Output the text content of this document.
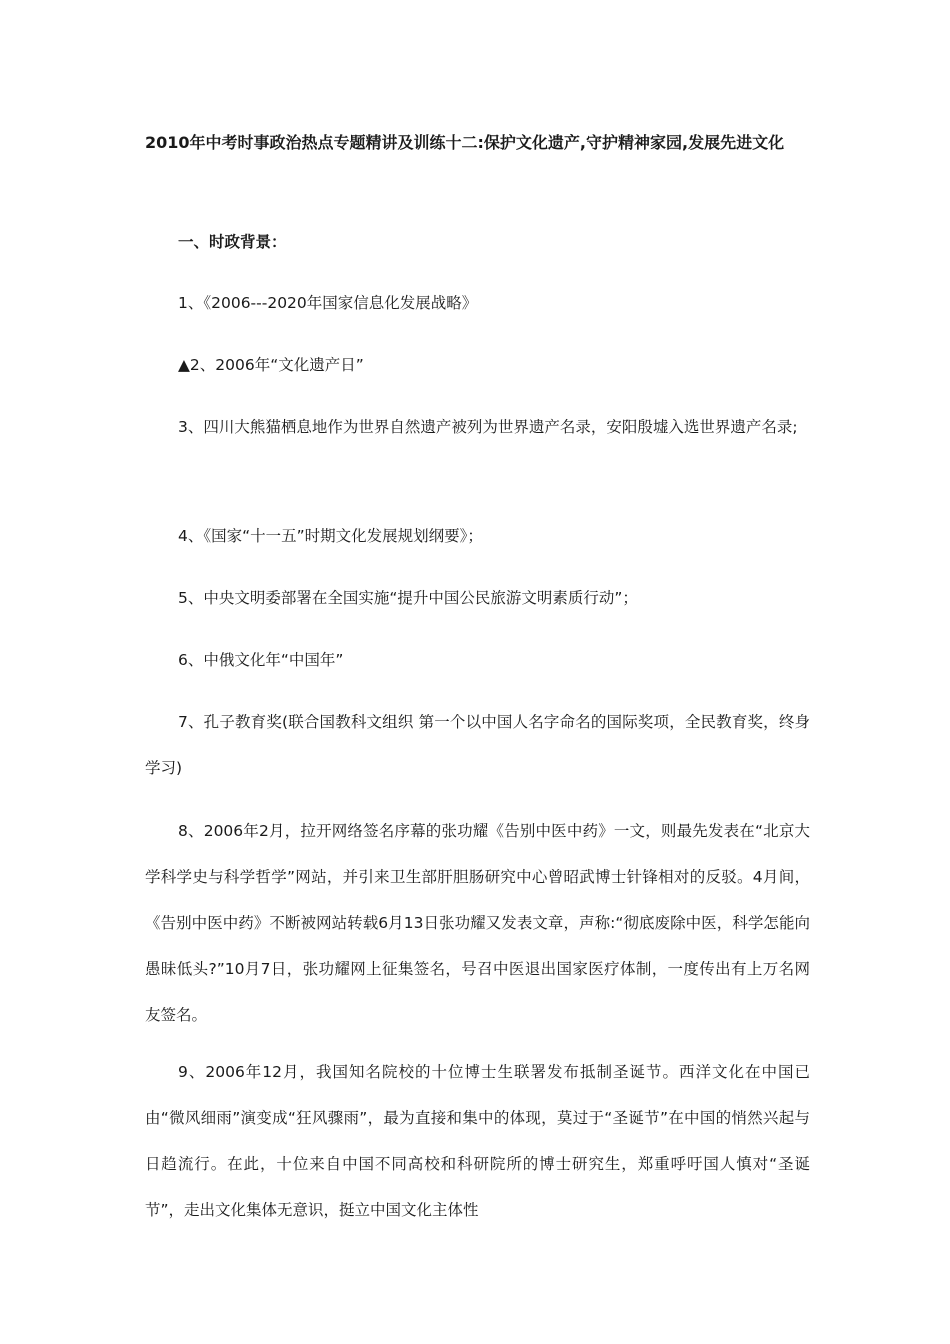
2010年中考时事政治热点专题精讲及训练十二:保护文化遗产,守护精神家园,发展先进文化

一、时政背景：

1、《2006---2020年国家信息化发展战略》

▲2、2006年“文化遗产日”

3、四川大熊猫栖息地作为世界自然遗产被列为世界遗产名录，安阳殷墟入选世界遗产名录;

4、《国家“十一五”时期文化发展规划纲要》；

5、中央文明委部署在全国实施“提升中国公民旅游文明素质行动”；

6、中俄文化年“中国年”

7、孔子教育奖(联合国教科文组织 第一个以中国人名字命名的国际奖项，全民教育奖，终身学习)

8、2006年2月，拉开网络签名序幕的张功耀《告别中医中药》一文，则最先发表在“北京大学科学史与科学哲学”网站，并引来卫生部肝胆肠研究中心曾昭武博士针锋相对的反驳。4月间，《告别中医中药》不断被网站转载6月13日张功耀又发表文章，声称:“彻底废除中医，科学怎能向愚昧低头?”10月7日，张功耀网上征集签名，号召中医退出国家医疗体制，一度传出有上万名网友签名。

9、2006年12月，我国知名院校的十位博士生联署发布抵制圣诞节。西洋文化在中国已由“微风细雨”演变成“狂风骤雨”，最为直接和集中的体现，莫过于“圣诞节”在中国的悄然兴起与日趋流行。在此，十位来自中国不同高校和科研院所的博士研究生，郑重呼吁国人慎对“圣诞节”，走出文化集体无意识，挺立中国文化主体性
